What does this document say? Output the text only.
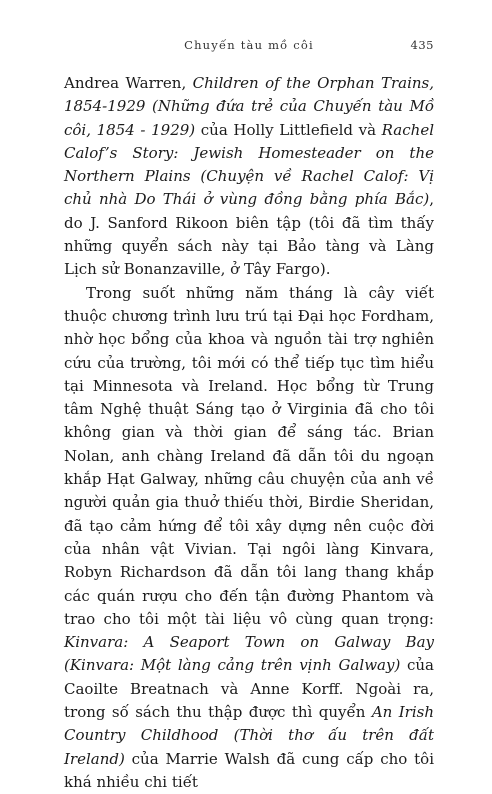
Chuyến tàu mồ côi	435

Andrea Warren, Children of the Orphan Trains, 1854-1929 (Những đứa trẻ của Chuyến tàu Mồ côi, 1854 - 1929) của Holly Littlefield và Rachel Calof’s Story: Jewish Homesteader on the Northern Plains (Chuyện về Rachel Calof: Vị chủ nhà Do Thái ở vùng đồng bằng phía Bắc), do J. Sanford Rikoon biên tập (tôi đã tìm thấy những quyển sách này tại Bảo tàng và Làng Lịch sử Bonanzaville, ở Tây Fargo).

Trong suốt những năm tháng là cây viết thuộc chương trình lưu trú tại Đại học Fordham, nhờ học bổng của khoa và nguồn tài trợ nghiên cứu của trường, tôi mới có thể tiếp tục tìm hiểu tại Minnesota và Ireland. Học bổng từ Trung tâm Nghệ thuật Sáng tạo ở Virginia đã cho tôi không gian và thời gian để sáng tác. Brian Nolan, anh chàng Ireland đã dẫn tôi du ngoạn khắp Hạt Galway, những câu chuyện của anh về người quản gia thuở thiếu thời, Birdie Sheridan, đã tạo cảm hứng để tôi xây dựng nên cuộc đời của nhân vật Vivian. Tại ngôi làng Kinvara, Robyn Richardson đã dẫn tôi lang thang khắp các quán rượu cho đến tận đường Phantom và trao cho tôi một tài liệu vô cùng quan trọng: Kinvara: A Seaport Town on Galway Bay (Kinvara: Một làng cảng trên vịnh Galway) của Caoilte Breatnach và Anne Korff. Ngoài ra, trong số sách thu thập được thì quyển An Irish Country Childhood (Thời thơ ấu trên đất Ireland) của Marrie Walsh đã cung cấp cho tôi khá nhiều chi tiết
